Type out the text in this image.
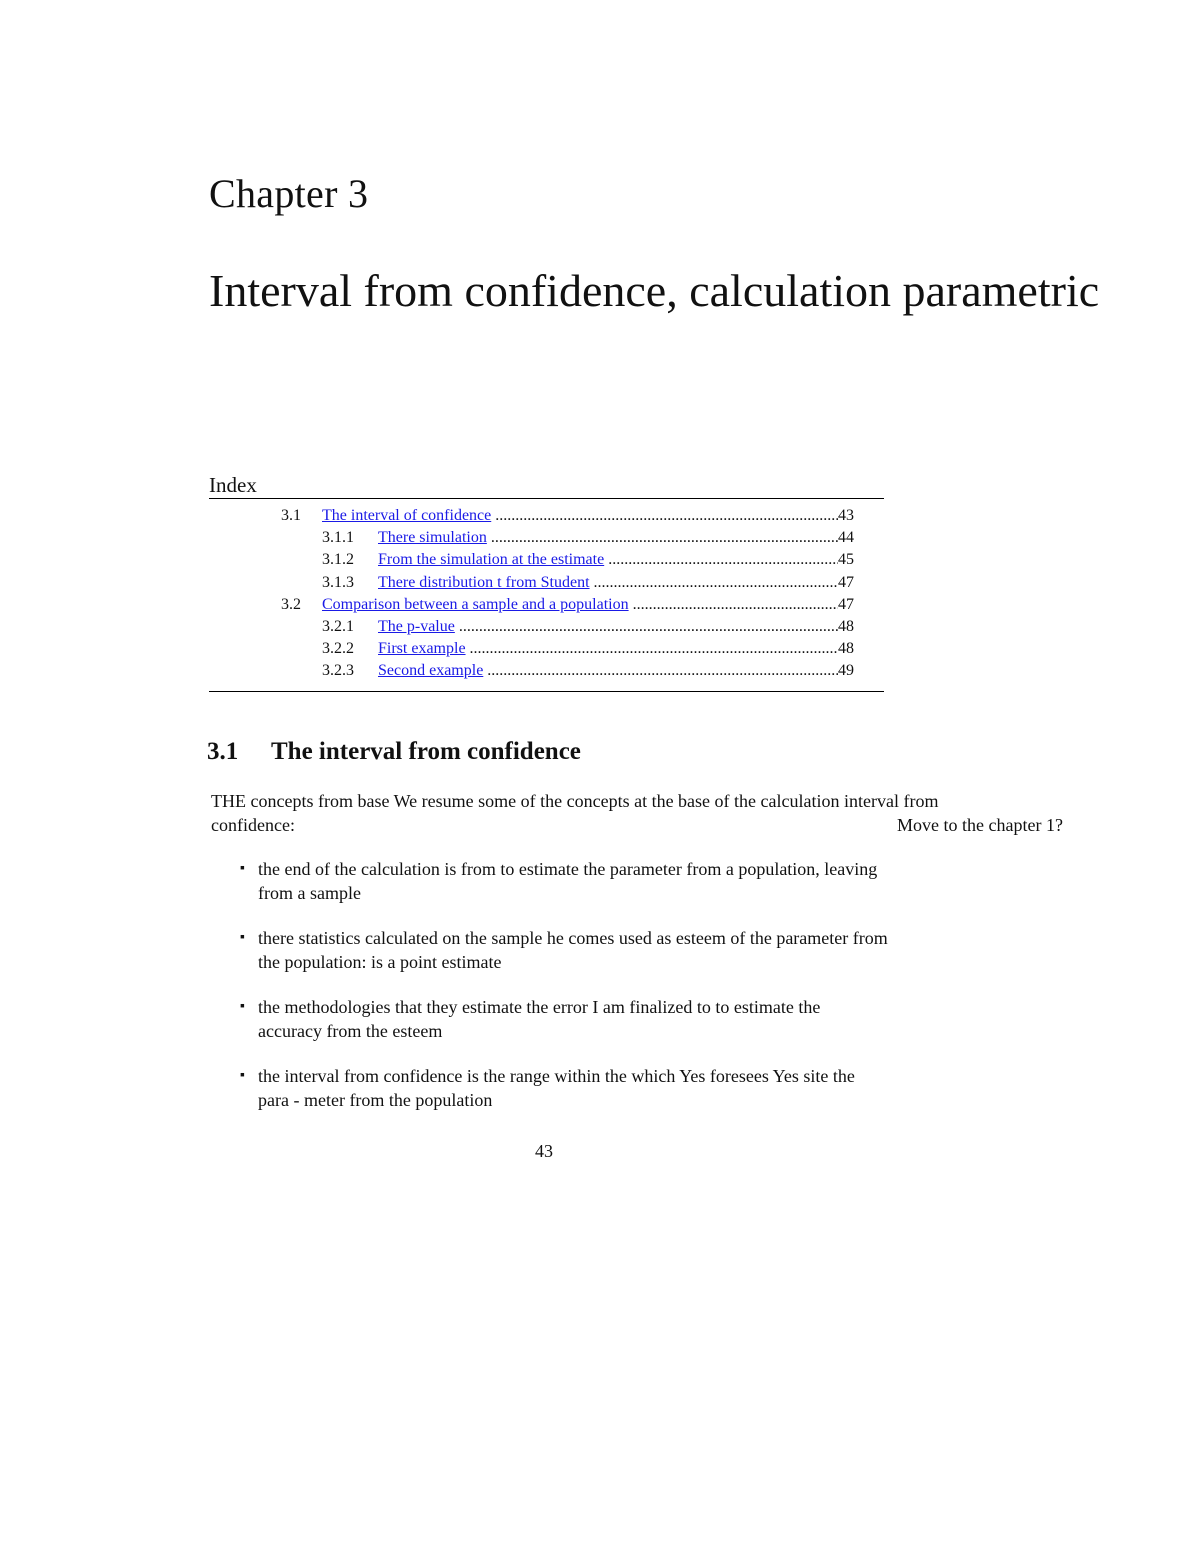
Chapter 3
Interval from confidence, calculation parametric
Index
3.1 The interval of confidence .....	43
3.1.1 There simulation .....	44
3.1.2 From the simulation at the estimate .....	45
3.1.3 There distribution t from Student .....	47
3.2 Comparison between a sample and a population .....	47
3.2.1 The p-value .....	48
3.2.2 First example .....	48
3.2.3 Second example .....	49
3.1 The interval from confidence

THE concepts from base We resume some of the concepts at the base of the calculation interval from confidence:	Move to the chapter 1?
▪ the end of the calculation is from to estimate the parameter from a population, leaving from a sample
▪ there statistics calculated on the sample he comes used as esteem of the parameter from the population: is a point estimate
▪ the methodologies that they estimate the error I am finalized to to estimate the accuracy from the esteem
▪ the interval from confidence is the range within the which Yes foresees Yes site the para - meter from the population
43
